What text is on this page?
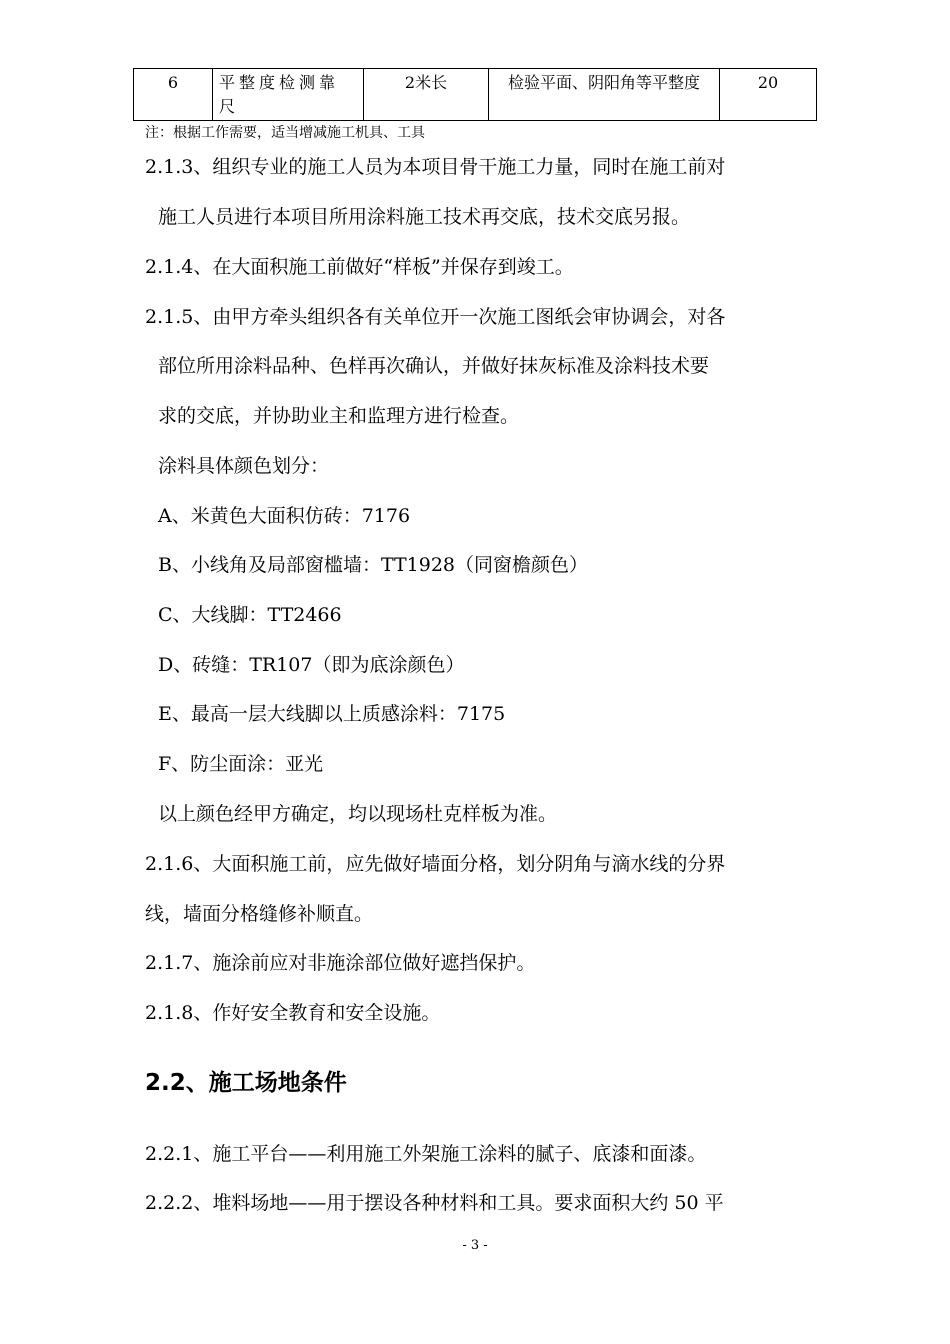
6	平整度检测靠尺	2米长	检验平面、阴阳角等平整度	20
注：根据工作需要，适当增减施工机具、工具
2.1.3、组织专业的施工人员为本项目骨干施工力量，同时在施工前对
施工人员进行本项目所用涂料施工技术再交底，技术交底另报。
2.1.4、在大面积施工前做好“样板”并保存到竣工。
2.1.5、由甲方牵头组织各有关单位开一次施工图纸会审协调会，对各
部位所用涂料品种、色样再次确认，并做好抹灰标准及涂料技术要
求的交底，并协助业主和监理方进行检查。
涂料具体颜色划分：
A、米黄色大面积仿砖：7176
B、小线角及局部窗槛墙：TT1928（同窗檐颜色）
C、大线脚：TT2466
D、砖缝：TR107（即为底涂颜色）
E、最高一层大线脚以上质感涂料：7175
F、防尘面涂：亚光
以上颜色经甲方确定，均以现场杜克样板为准。
2.1.6、大面积施工前，应先做好墙面分格，划分阴角与滴水线的分界
线，墙面分格缝修补顺直。
2.1.7、施涂前应对非施涂部位做好遮挡保护。
2.1.8、作好安全教育和安全设施。
2.2、施工场地条件
2.2.1、施工平台——利用施工外架施工涂料的腻子、底漆和面漆。
2.2.2、堆料场地——用于摆设各种材料和工具。要求面积大约 50 平
- 3 -
